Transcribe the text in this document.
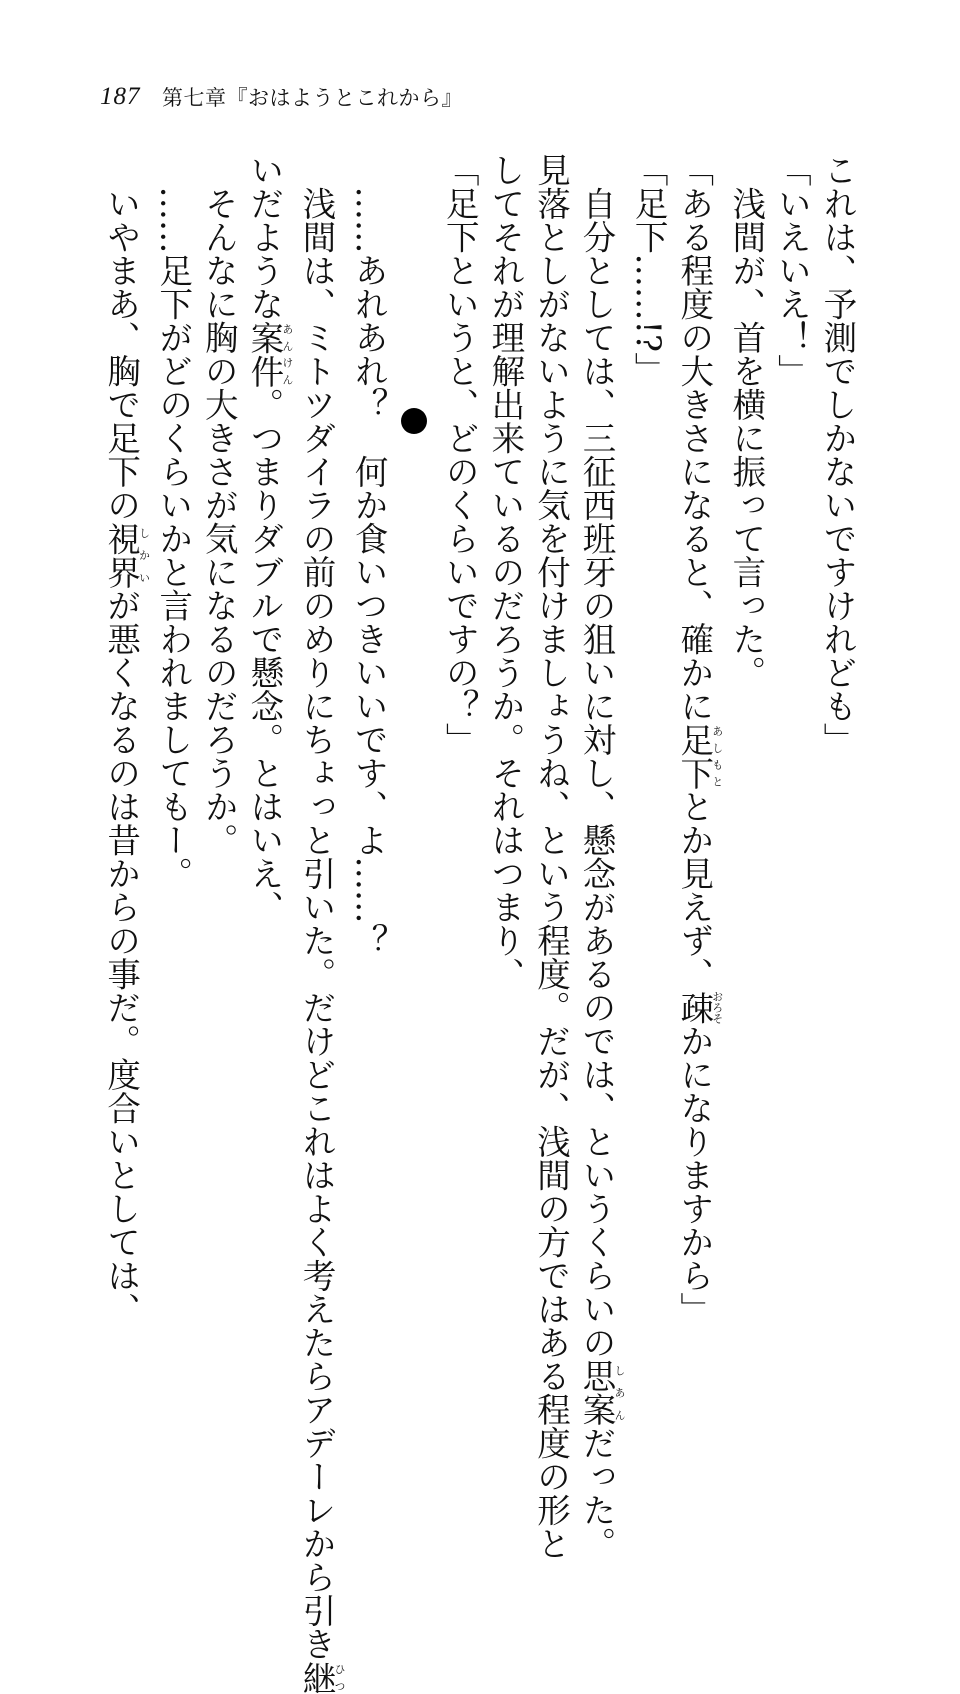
187 第七章『おはようとこれから』

これは、予測でしかないですけれども」

「いえいえ！」

　浅間が、首を横に振って言った。

「ある程度の大きさになると、確かに足下あしもととか見えず、疎おろそかになりますから」

「足下……!?」

　自分としては、三征西班牙の狙いに対し、懸念があるのでは、というくらいの思案しあんだった。

見落としがないように気を付けましょうね、という程度。だが、浅間の方ではある程度の形と

してそれが理解出来ているのだろうか。それはつまり、

「足下というと、どのくらいですの？」

　……あれあれ？　何か食いつきいいです、よ……？

　浅間は、ミトツダイラの前のめりにちょっと引いた。だけどこれはよく考えたらアデーレから引き継ひつ

いだような案件あんけん。つまりダブルで懸念。とはいえ、

　そんなに胸の大きさが気になるのだろうか。

　……足下がどのくらいかと言われましてもー。

　いやまあ、胸で足下の視界しかいが悪くなるのは昔からの事だ。度合いとしては、
